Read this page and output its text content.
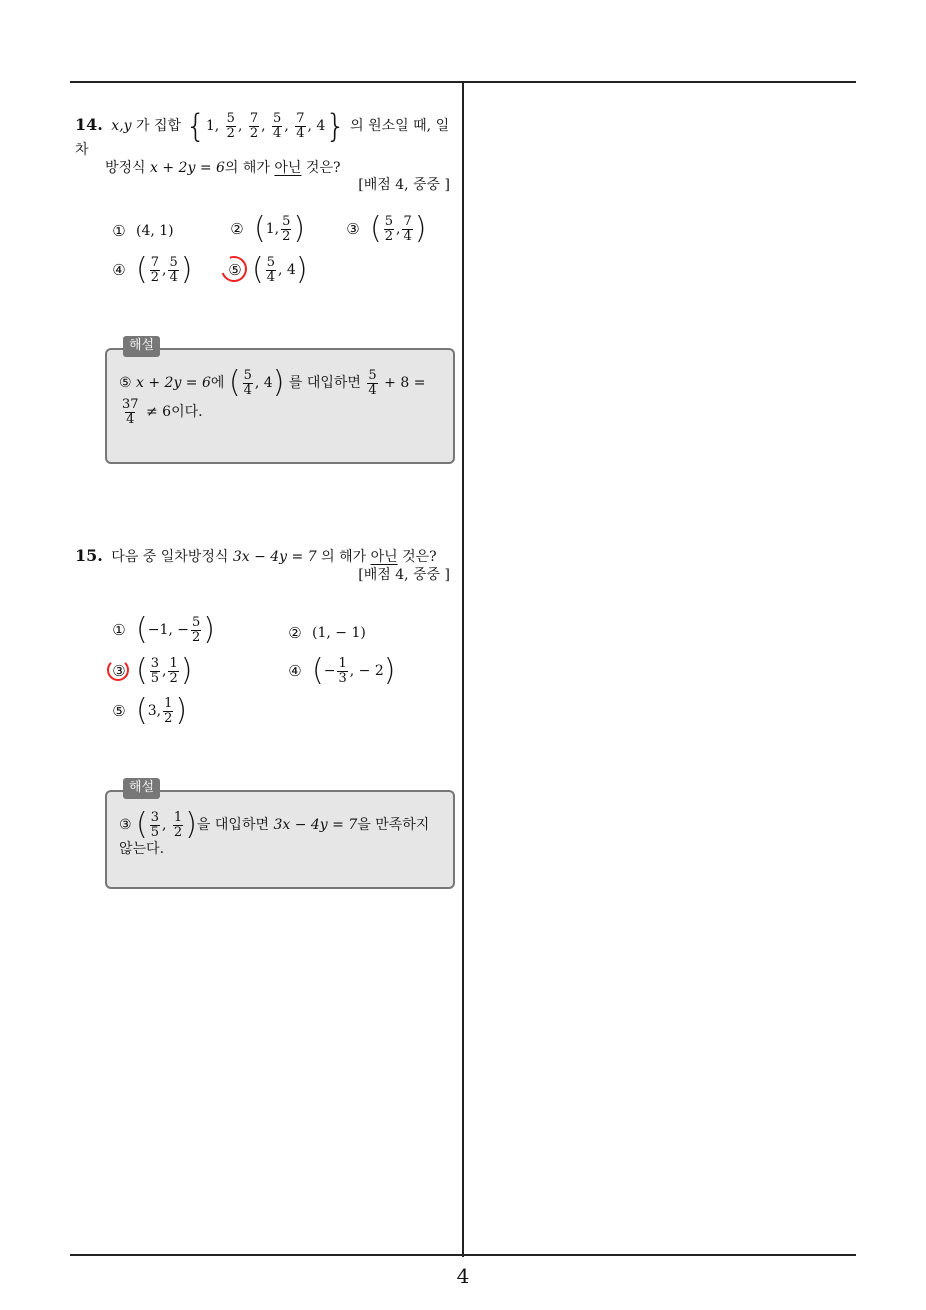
4
14. x,y 가 집합 {1, $\frac{5}{2}$ , $\frac{7}{2}$ , $\frac{5}{4}$ , $\frac{7}{4}$ , 4} 의 원소일 때, 일차
방정식 x + 2y = 6의 해가 아닌 것은?
[배점 4, 중중 ]
① (4, 1)	② ( 1, $\frac{5}{2}$ )	③ ( $\frac{5}{2}$ , $\frac{7}{4}$ )
④ ( $\frac{7}{2}$ , $\frac{5}{4}$ ) ⑤ ( $\frac{5}{4}$ , 4 )
해설
⑤ x + 2y = 6에 ( $\frac{5}{4}$ , 4) 를 대입하면 $\frac{5}{4} + 8$ =
$\frac{37}{4} \ne 6$이다.
15. 다음 중 일차방정식 3x − 4y = 7 의 해가 아닌 것은?
[배점 4, 중중 ]
① ( −1, − $\frac{5}{2}$ )	② (1, − 1)
③ ( $\frac{3}{5}$ , $\frac{1}{2}$ )	④ ( − $\frac{1}{3}$ , − 2 )
⑤ ( 3, $\frac{1}{2}$ )
해설
③ ( $\frac{3}{5}$ , $\frac{1}{2}$ )을 대입하면 3x − 4y = 7을 만족하지
않는다.
